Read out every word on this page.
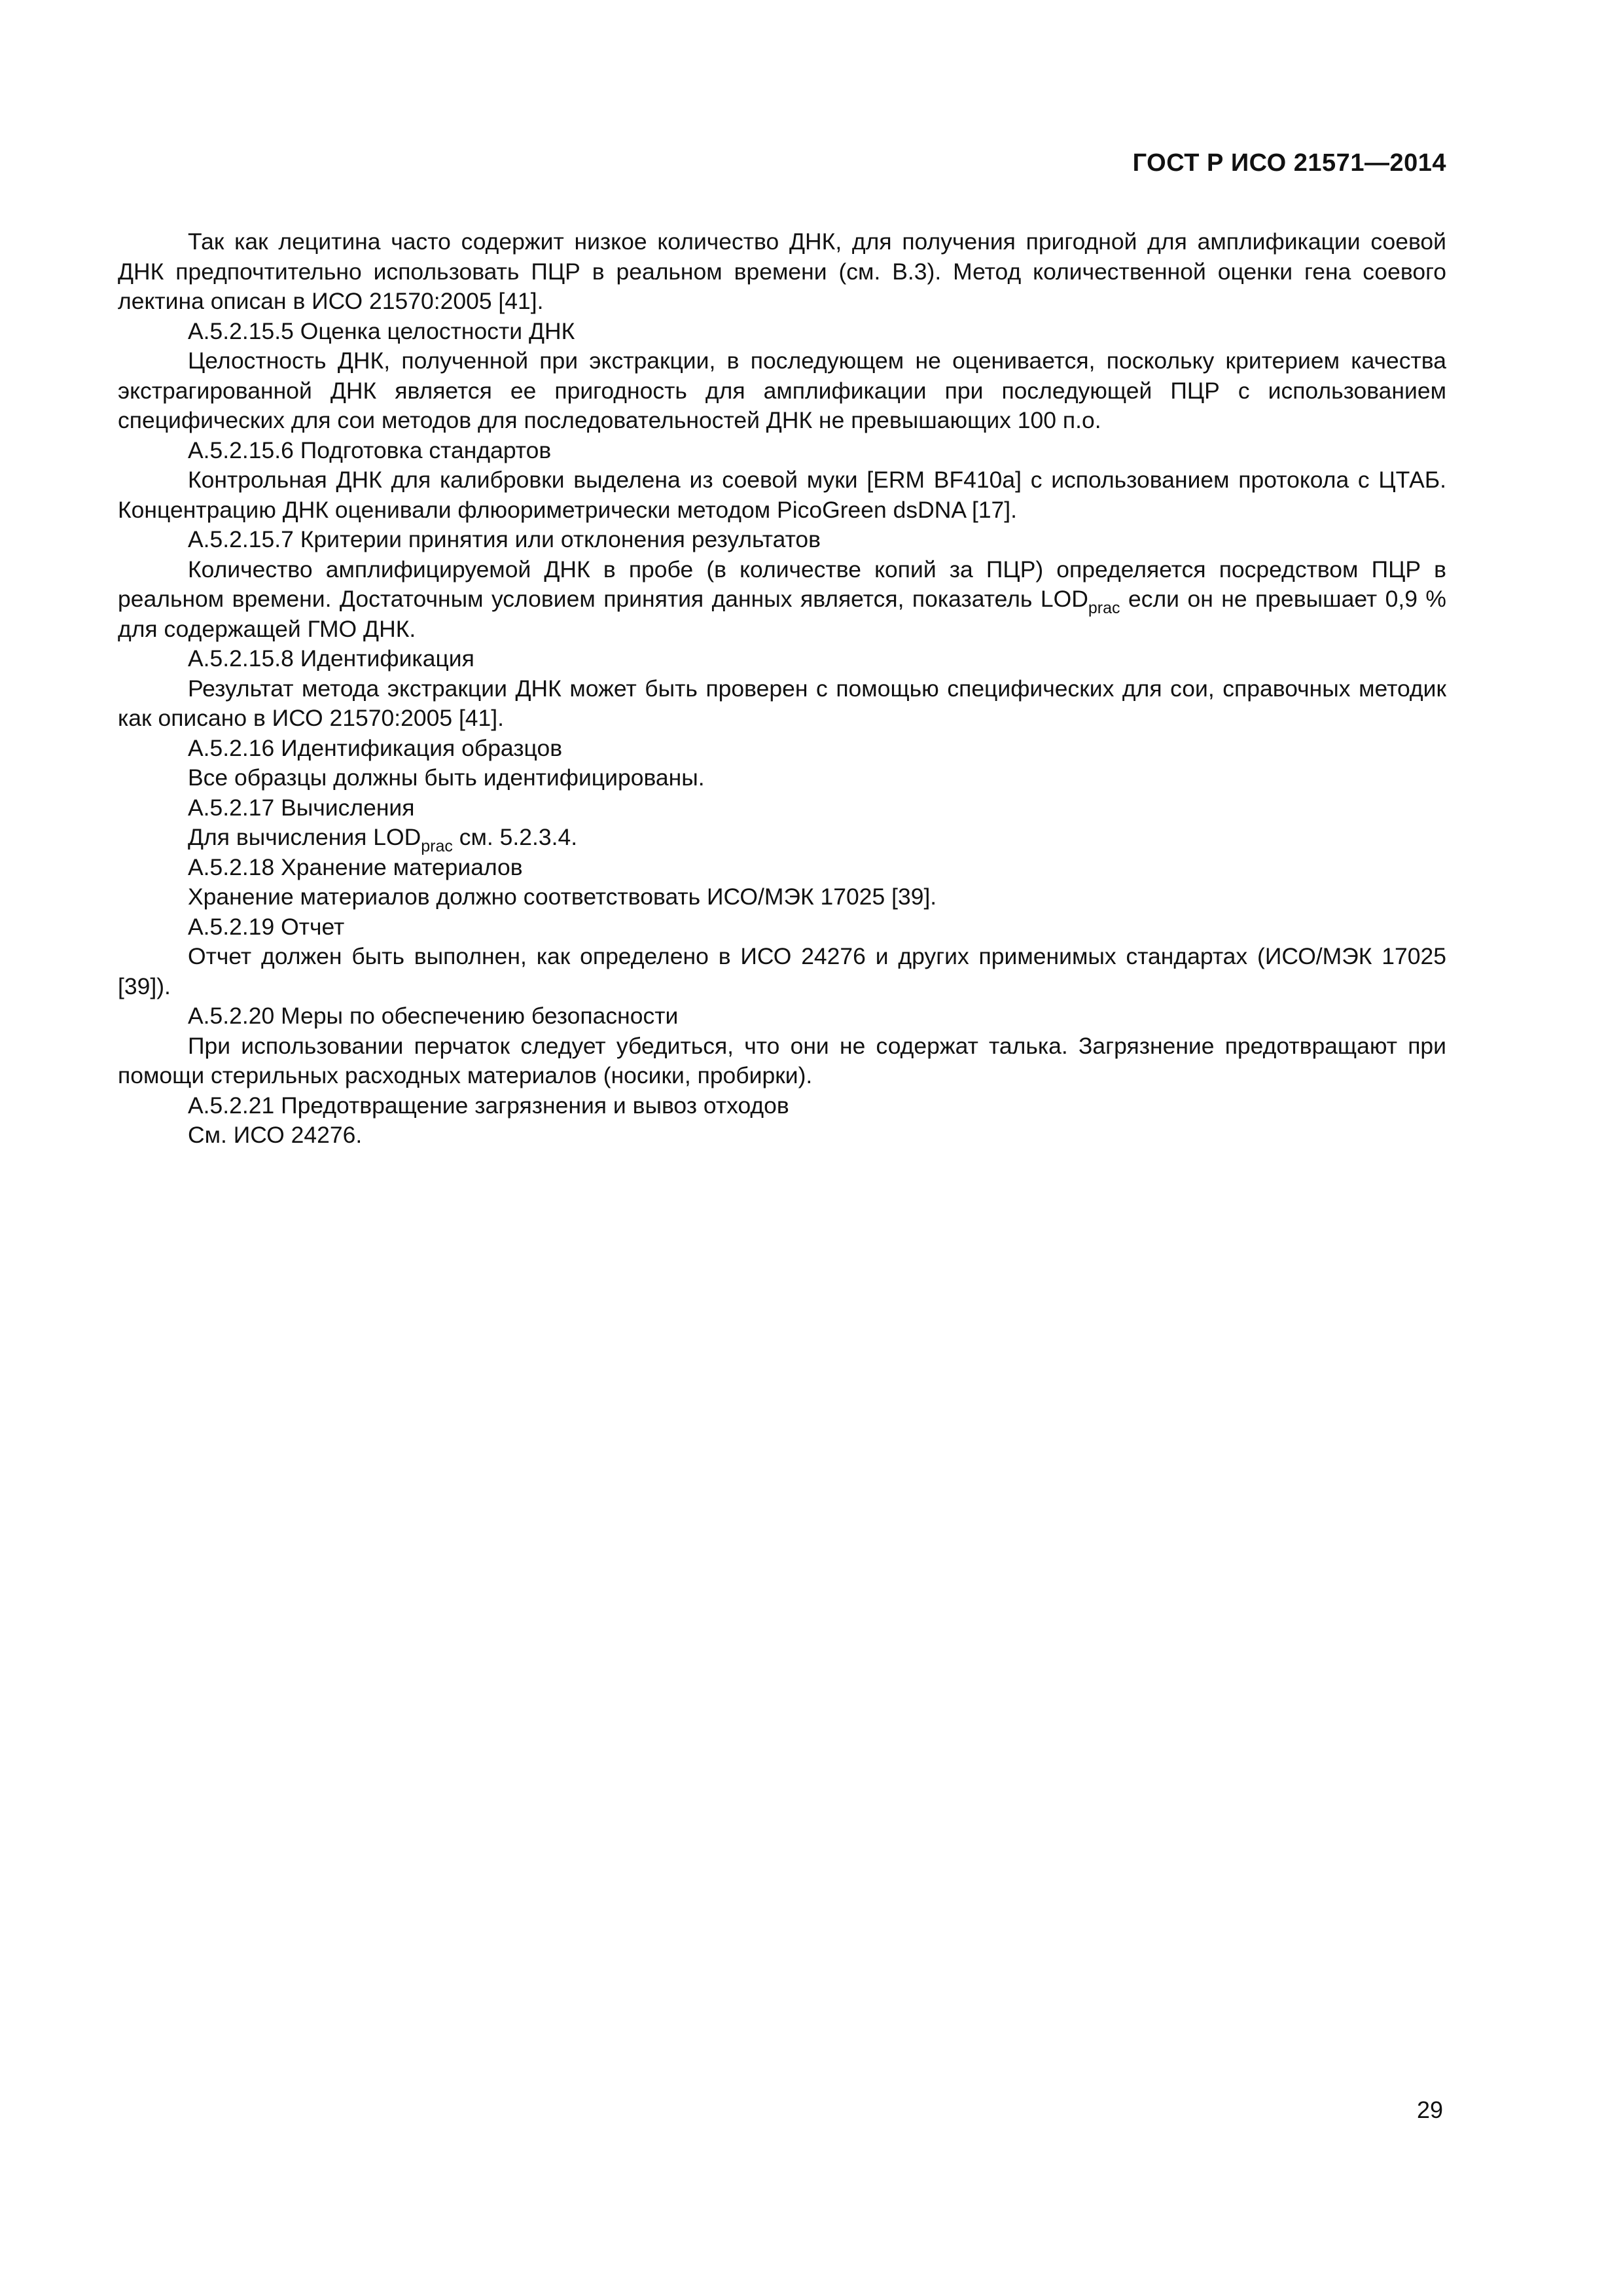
ГОСТ Р ИСО 21571—2014

Так как лецитина часто содержит низкое количество ДНК, для получения пригодной для амплификации соевой ДНК предпочтительно использовать ПЦР в реальном времени (см. В.3). Метод количественной оценки гена соевого лектина описан в ИСО 21570:2005 [41].

А.5.2.15.5 Оценка целостности ДНК

Целостность ДНК, полученной при экстракции, в последующем не оценивается, поскольку критерием качества экстрагированной ДНК является ее пригодность для амплификации при последующей ПЦР с использованием специфических для сои методов для последовательностей ДНК не превышающих 100 п.о.

А.5.2.15.6 Подготовка стандартов

Контрольная ДНК для калибровки выделена из соевой муки [ERM BF410a] с использованием протокола с ЦТАБ. Концентрацию ДНК оценивали флюориметрически методом PicoGreen dsDNA [17].

А.5.2.15.7 Критерии принятия или отклонения результатов

Количество амплифицируемой ДНК в пробе (в количестве копий за ПЦР) определяется посредством ПЦР в реальном времени. Достаточным условием принятия данных является, показатель $LOD_{prac}$ если он не превышает 0,9 % для содержащей ГМО ДНК.

А.5.2.15.8 Идентификация

Результат метода экстракции ДНК может быть проверен с помощью специфических для сои, справочных методик как описано в ИСО 21570:2005 [41].

А.5.2.16 Идентификация образцов

Все образцы должны быть идентифицированы.

А.5.2.17 Вычисления

Для вычисления $LOD_{prac}$ см. 5.2.3.4.

А.5.2.18 Хранение материалов

Хранение материалов должно соответствовать ИСО/МЭК 17025 [39].

А.5.2.19 Отчет

Отчет должен быть выполнен, как определено в ИСО 24276 и других применимых стандартах (ИСО/МЭК 17025 [39]).

А.5.2.20 Меры по обеспечению безопасности

При использовании перчаток следует убедиться, что они не содержат талька. Загрязнение предотвращают при помощи стерильных расходных материалов (носики, пробирки).

А.5.2.21 Предотвращение загрязнения и вывоз отходов

См. ИСО 24276.

29
